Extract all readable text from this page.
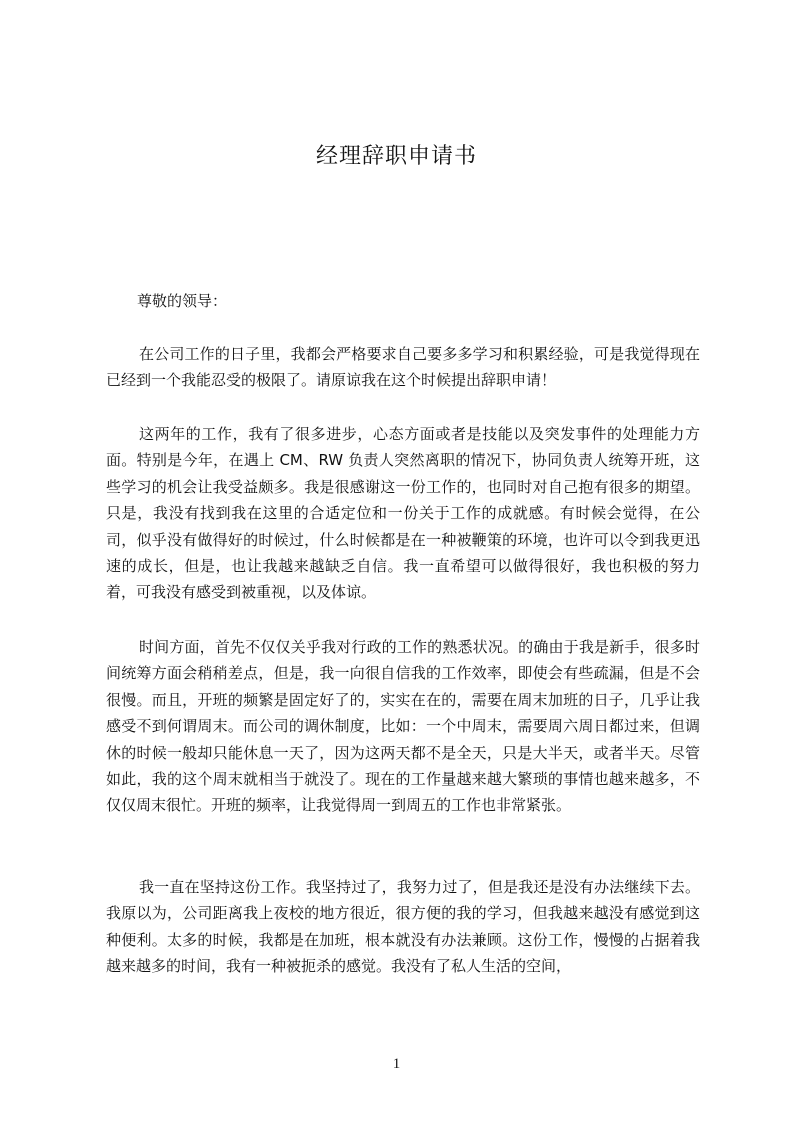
经理辞职申请书
尊敬的领导：

在公司工作的日子里，我都会严格要求自己要多多学习和积累经验，可是我觉得现在已经到一个我能忍受的极限了。请原谅我在这个时候提出辞职申请！

这两年的工作，我有了很多进步，心态方面或者是技能以及突发事件的处理能力方面。特别是今年，在遇上 CM、RW 负责人突然离职的情况下，协同负责人统筹开班，这些学习的机会让我受益颇多。我是很感谢这一份工作的，也同时对自己抱有很多的期望。只是，我没有找到我在这里的合适定位和一份关于工作的成就感。有时候会觉得，在公司，似乎没有做得好的时候过，什么时候都是在一种被鞭策的环境，也许可以令到我更迅速的成长，但是，也让我越来越缺乏自信。我一直希望可以做得很好，我也积极的努力着，可我没有感受到被重视，以及体谅。

时间方面，首先不仅仅关乎我对行政的工作的熟悉状况。的确由于我是新手，很多时间统筹方面会稍稍差点，但是，我一向很自信我的工作效率，即使会有些疏漏，但是不会很慢。而且，开班的频繁是固定好了的，实实在在的，需要在周末加班的日子，几乎让我感受不到何谓周末。而公司的调休制度，比如：一个中周末，需要周六周日都过来，但调休的时候一般却只能休息一天了，因为这两天都不是全天，只是大半天，或者半天。尽管如此，我的这个周末就相当于就没了。现在的工作量越来越大繁琐的事情也越来越多，不仅仅周末很忙。开班的频率，让我觉得周一到周五的工作也非常紧张。

我一直在坚持这份工作。我坚持过了，我努力过了，但是我还是没有办法继续下去。我原以为，公司距离我上夜校的地方很近，很方便的我的学习，但我越来越没有感觉到这种便利。太多的时候，我都是在加班，根本就没有办法兼顾。这份工作，慢慢的占据着我越来越多的时间，我有一种被扼杀的感觉。我没有了私人生活的空间，

1
